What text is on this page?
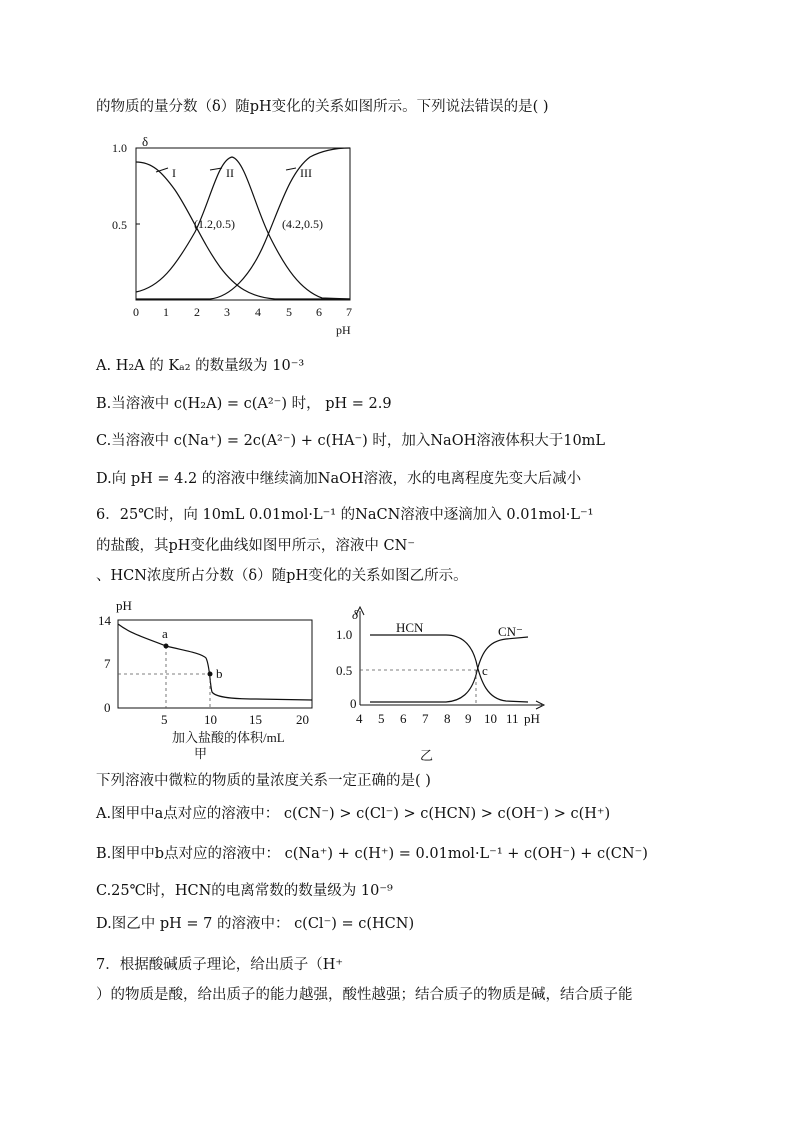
的物质的量分数（δ）随pH变化的关系如图所示。下列说法错误的是( )
δ
1.0
0.5
0 1 2 3 4 5 6 7
pH
I	II	III
(1.2,0.5)	(4.2,0.5)
A. H₂A 的 Kₐ₂ 的数量级为 10⁻³
B.当溶液中 c(H₂A) = c(A²⁻) 时， pH = 2.9
C.当溶液中 c(Na⁺) = 2c(A²⁻) + c(HA⁻) 时，加入NaOH溶液体积大于10mL
D.向 pH = 4.2 的溶液中继续滴加NaOH溶液，水的电离程度先变大后减小
6．25℃时，向 10mL 0.01mol·L⁻¹ 的NaCN溶液中逐滴加入 0.01mol·L⁻¹
的盐酸，其pH变化曲线如图甲所示，溶液中 CN⁻
、HCN浓度所占分数（δ）随pH变化的关系如图乙所示。
pH
14
7
0
5	10 15	20
a
b
加入盐酸的体积/mL
甲
δ
1.0
0.5
0
4 5 6 7 8 9 10 11 pH
HCN	CN⁻
c
乙
下列溶液中微粒的物质的量浓度关系一定正确的是( )
A.图甲中a点对应的溶液中： c(CN⁻) > c(Cl⁻) > c(HCN) > c(OH⁻) > c(H⁺)
B.图甲中b点对应的溶液中： c(Na⁺) + c(H⁺) = 0.01mol·L⁻¹ + c(OH⁻) + c(CN⁻)
C.25℃时，HCN的电离常数的数量级为 10⁻⁹
D.图乙中 pH = 7 的溶液中： c(Cl⁻) = c(HCN)
7．根据酸碱质子理论，给出质子（H⁺
）的物质是酸，给出质子的能力越强，酸性越强；结合质子的物质是碱，结合质子能
